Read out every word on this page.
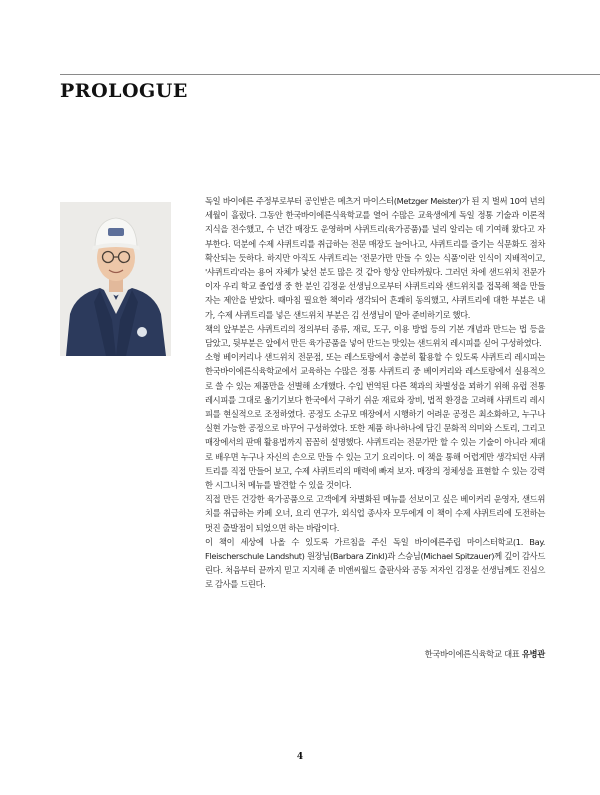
PROLOGUE

독일 바이에른 주정부로부터 공인받은 메츠거 마이스터(Metzger Meister)가 된 지 벌써 10여 년의 세월이 흘렀다. 그동안 한국바이에른식육학교를 열어 수많은 교육생에게 독일 정통 기술과 이론적 지식을 전수했고, 수 년간 매장도 운영하며 샤퀴트리(육가공품)를 널리 알리는 데 기여해 왔다고 자부한다. 덕분에 수제 샤퀴트리를 취급하는 전문 매장도 늘어나고, 샤퀴트리를 즐기는 식문화도 점차 확산되는 듯하다. 하지만 아직도 샤퀴트리는 '전문가만 만들 수 있는 식품'이란 인식이 지배적이고, '샤퀴트리'라는 용어 자체가 낯선 분도 많은 것 같아 항상 안타까웠다. 그러던 차에 샌드위치 전문가이자 우리 학교 졸업생 중 한 분인 김정윤 선생님으로부터 샤퀴트리와 샌드위치를 접목해 책을 만들자는 제안을 받았다. 때마침 필요한 책이라 생각되어 흔쾌히 동의했고, 샤퀴트리에 대한 부분은 내가, 수제 샤퀴트리를 넣은 샌드위치 부분은 김 선생님이 맡아 준비하기로 했다.

책의 앞부분은 샤퀴트리의 정의부터 종류, 재료, 도구, 이용 방법 등의 기본 개념과 만드는 법 등을 담았고, 뒷부분은 앞에서 만든 육가공품을 넣어 만드는 맛있는 샌드위치 레시피를 싣어 구성하였다.

소형 베이커리나 샌드위치 전문점, 또는 레스토랑에서 충분히 활용할 수 있도록 샤퀴트리 레시피는 한국바이에른식육학교에서 교육하는 수많은 정통 샤퀴트리 중 베이커리와 레스토랑에서 실용적으로 쓸 수 있는 제품만을 선별해 소개했다. 수입 번역된 다른 책과의 차별성을 꾀하기 위해 유럽 전통 레시피를 그대로 옮기기보다 한국에서 구하기 쉬운 재료와 장비, 법적 환경을 고려해 샤퀴트리 레시피를 현실적으로 조정하였다. 공정도 소규모 매장에서 시행하기 어려운 공정은 최소화하고, 누구나 실현 가능한 공정으로 바꾸어 구성하였다. 또한 제품 하나하나에 담긴 문화적 의미와 스토리, 그리고 매장에서의 판매 활용법까지 꼼꼼히 설명했다. 샤퀴트리는 전문가만 할 수 있는 기술이 아니라 제대로 배우면 누구나 자신의 손으로 만들 수 있는 고기 요리이다. 이 책을 통해 어렵게만 생각되던 샤퀴트리를 직접 만들어 보고, 수제 샤퀴트리의 매력에 빠져 보자. 매장의 정체성을 표현할 수 있는 강력한 시그니처 메뉴를 발견할 수 있을 것이다.

직접 만든 건강한 육가공품으로 고객에게 차별화된 메뉴를 선보이고 싶은 베이커리 운영자, 샌드위치를 취급하는 카페 오너, 요리 연구가, 외식업 종사자 모두에게 이 책이 수제 샤퀴트리에 도전하는 멋진 출발점이 되었으면 하는 바람이다.

이 책이 세상에 나올 수 있도록 가르침을 주신 독일 바이에른주립 마이스터학교(1. Bay. Fleischerschule Landshut) 원장님(Barbara Zinkl)과 스승님(Michael Spitzauer)께 깊이 감사드린다. 처음부터 끝까지 믿고 지지해 준 비앤씨월드 출판사와 공동 저자인 김정윤 선생님께도 진심으로 감사를 드린다.

한국바이에른식육학교 대표 유병관
4
